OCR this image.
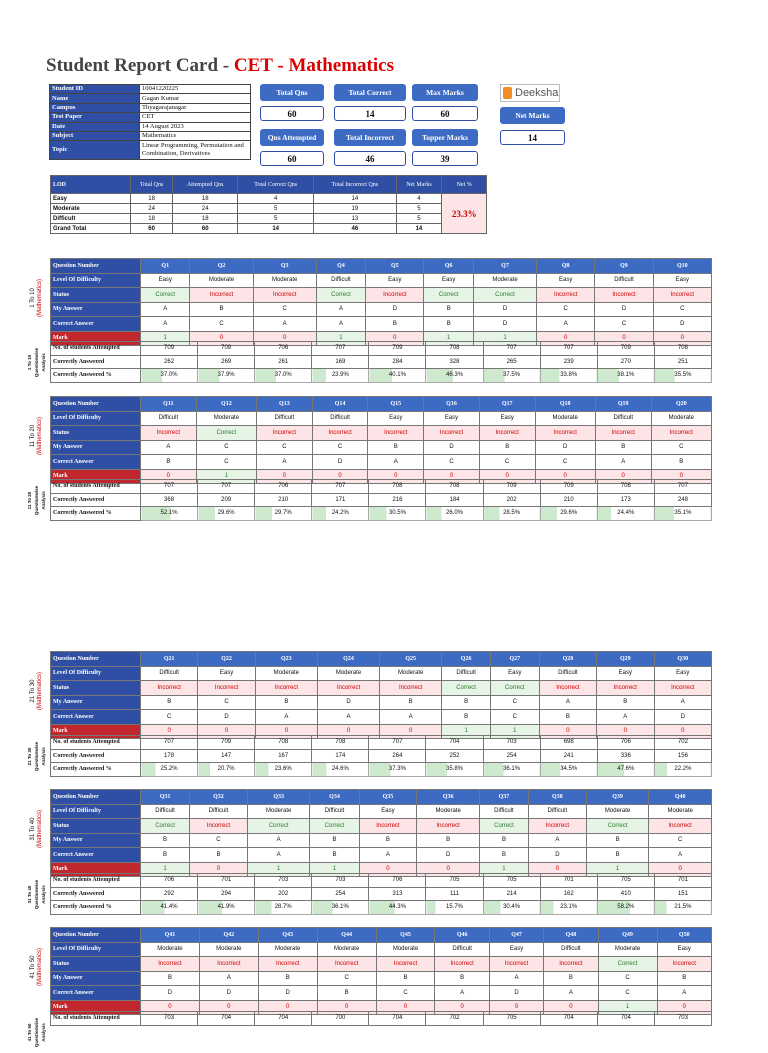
Student Report Card - CET - Mathematics
Student ID	10041220225
Name	Gagan Kumar
Campus	Thyagarajanagar
Test Paper	CET
Date	14 August 2023
Subject	Mathematics
Topic	Linear Programming, Permutation and Combination, Derivatives
Total Qns
60
Total Correct
14
Max Marks
60
Qns Attempted
60
Total Incorrect
46
Topper Marks
39
Deeksha
Net Marks
14
LOD	Total Qns	Attempted Qns	Total Correct Qns	Total Incorrect Qns	Net Marks	Net %
Easy	18	18	4	14	4	23.3%
Moderate	24	24	5	19	5	
Difficult	18	18	5	13	5	
Grand Total	60	60	14	46	14	
1 To 10
(Mathematics)
Question Number	Q1	Q2	Q3	Q4	Q5	Q6	Q7	Q8	Q9	Q10
Level Of Difficulty	Easy	Moderate	Moderate	Difficult	Easy	Easy	Moderate	Easy	Difficult	Easy
Status	Correct	Incorrect	Incorrect	Correct	Incorrect	Correct	Correct	Incorrect	Incorrect	Incorrect
My Answer	A	B	C	A	D	B	D	C	D	C
Correct Answer	A	C	A	A	B	B	D	A	C	D
Mark	1	0	0	1	0	1	1	0	0	0
1 To 10 Questionwise Analysis
No. of students Attempted	709	709	706	707	709	708	707	707	709	708
Correctly Answered	262	269	261	169	284	328	265	239	270	251
Correctly Answered %	37.0%	37.9%	37.0%	23.9%	40.1%	46.3%	37.5%	33.8%	38.1%	35.5%
11 To 20
(Mathematics)
Question Number	Q11	Q12	Q13	Q14	Q15	Q16	Q17	Q18	Q19	Q20
Level Of Difficulty	Difficult	Moderate	Difficult	Difficult	Easy	Easy	Easy	Moderate	Difficult	Moderate
Status	Incorrect	Correct	Incorrect	Incorrect	Incorrect	Incorrect	Incorrect	Incorrect	Incorrect	Incorrect
My Answer	A	C	C	C	B	D	B	D	B	C
Correct Answer	B	C	A	D	A	C	C	C	A	B
Mark	0	1	0	0	0	0	0	0	0	0
11 To 20 Questionwise Analysis
No. of students Attempted	707	707	706	707	708	708	709	709	708	707
Correctly Answered	368	209	210	171	216	184	202	210	173	248
Correctly Answered %	52.1%	29.6%	29.7%	24.2%	30.5%	26.0%	28.5%	29.6%	24.4%	35.1%
21 To 30
(Mathematics)
Question Number	Q21	Q22	Q23	Q24	Q25	Q26	Q27	Q28	Q29	Q30
Level Of Difficulty	Difficult	Easy	Moderate	Moderate	Moderate	Difficult	Easy	Difficult	Easy	Easy
Status	Incorrect	Incorrect	Incorrect	Incorrect	Incorrect	Correct	Correct	Incorrect	Incorrect	Incorrect
My Answer	B	C	B	D	B	B	C	A	B	A
Correct Answer	C	D	A	A	A	B	C	B	A	D
Mark	0	0	0	0	0	1	1	0	0	0
21 To 30 Questionwise Analysis
No. of students Attempted	707	709	708	708	707	704	703	698	706	702
Correctly Answered	178	147	167	174	264	252	254	241	336	156
Correctly Answered %	25.2%	20.7%	23.6%	24.6%	37.3%	35.8%	36.1%	34.5%	47.6%	22.2%
31 To 40
(Mathematics)
Question Number	Q31	Q32	Q33	Q34	Q35	Q36	Q37	Q38	Q39	Q40
Level Of Difficulty	Difficult	Difficult	Moderate	Difficult	Easy	Moderate	Difficult	Difficult	Moderate	Moderate
Status	Correct	Incorrect	Correct	Correct	Incorrect	Incorrect	Correct	Incorrect	Correct	Incorrect
My Answer	B	C	A	B	B	B	B	A	B	C
Correct Answer	B	B	A	B	A	D	B	D	B	A
Mark	1	0	1	1	0	0	1	0	1	0
31 To 40 Questionwise Analysis
No. of students Attempted	706	701	703	703	706	705	705	701	705	701
Correctly Answered	292	294	202	254	313	111	214	162	410	151
Correctly Answered %	41.4%	41.9%	28.7%	36.1%	44.3%	15.7%	30.4%	23.1%	58.2%	21.5%
41 To 50
(Mathematics)
Question Number	Q41	Q42	Q43	Q44	Q45	Q46	Q47	Q48	Q49	Q50
Level Of Difficulty	Moderate	Moderate	Moderate	Moderate	Moderate	Difficult	Easy	Difficult	Moderate	Easy
Status	Incorrect	Incorrect	Incorrect	Incorrect	Incorrect	Incorrect	Incorrect	Incorrect	Correct	Incorrect
My Answer	B	A	B	C	B	B	A	B	C	B
Correct Answer	D	D	D	B	C	A	D	A	C	A
Mark	0	0	0	0	0	0	0	0	1	0
41 To 50 Questionwise Analysis
No. of students Attempted	703	704	704	700	704	702	705	704	704	703
